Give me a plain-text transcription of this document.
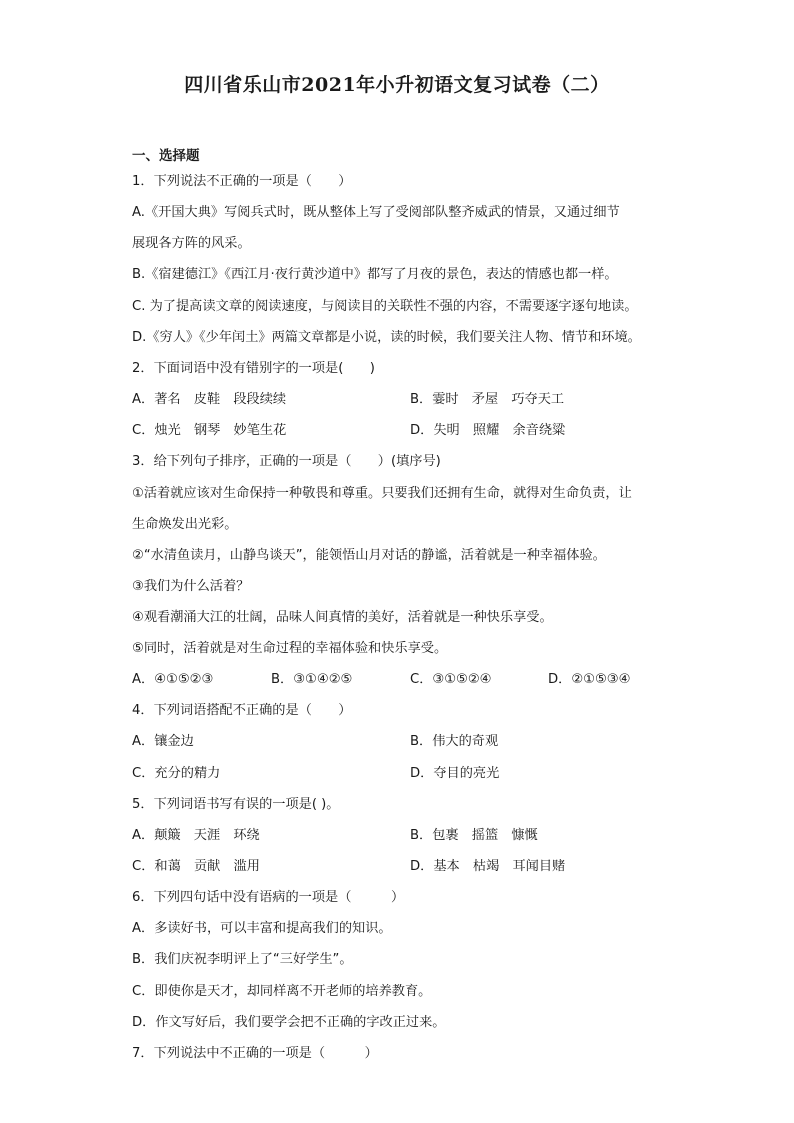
四川省乐山市2021年小升初语文复习试卷（二）
一、选择题
1．下列说法不正确的一项是（　　）
A.《开国大典》写阅兵式时，既从整体上写了受阅部队整齐威武的情景，又通过细节
展现各方阵的风采。
B.《宿建德江》《西江月·夜行黄沙道中》都写了月夜的景色，表达的情感也都一样。
C. 为了提高读文章的阅读速度，与阅读目的关联性不强的内容，不需要逐字逐句地读。
D.《穷人》《少年闰土》两篇文章都是小说，读的时候，我们要关注人物、情节和环境。
2．下面词语中没有错别字的一项是(　　)
A．著名　皮鞋　段段续续	B．霎时　矛屋　巧夺天工
C．烛光　钢琴　妙笔生花	D．失明　照耀　余音绕粱
3．给下列句子排序，正确的一项是（　　）(填序号)
①活着就应该对生命保持一种敬畏和尊重。只要我们还拥有生命，就得对生命负责，让
生命焕发出光彩。
②“水清鱼读月，山静鸟谈天”，能领悟山月对话的静谧，活着就是一种幸福体验。
③我们为什么活着？
④观看潮涌大江的壮阔，品味人间真情的美好，活着就是一种快乐享受。
⑤同时，活着就是对生命过程的幸福体验和快乐享受。
A．④①⑤②③	B．③①④②⑤	C．③①⑤②④	D．②①⑤③④
4．下列词语搭配不正确的是（　　）
A．镶金边	B．伟大的奇观
C．充分的精力	D．夺目的亮光
5．下列词语书写有误的一项是( )。
A．颠簸　天涯　环绕	B．包裹　摇篮　慷慨
C．和蔼　贡献　滥用	D．基本　枯竭　耳闻目赌
6．下列四句话中没有语病的一项是（　　　）
A．多读好书，可以丰富和提高我们的知识。
B．我们庆祝李明评上了“三好学生”。
C．即使你是天才，却同样离不开老师的培养教育。
D．作文写好后，我们要学会把不正确的字改正过来。
7．下列说法中不正确的一项是（　　　）
